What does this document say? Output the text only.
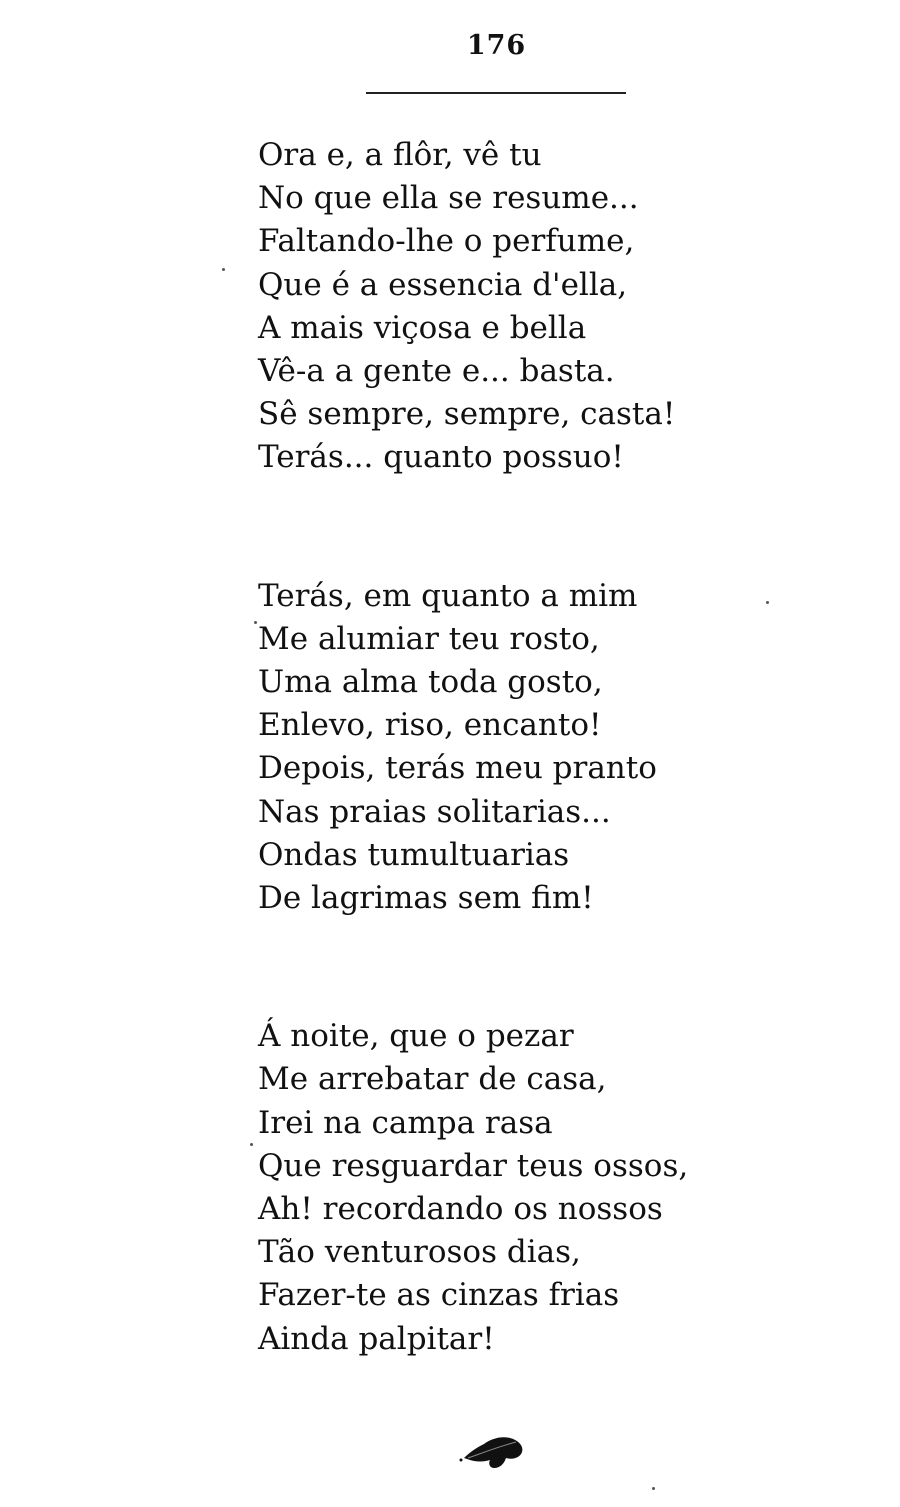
176
Ora e, a flôr, vê tu
No que ella se resume...
Faltando-lhe o perfume,
Que é a essencia d'ella,
A mais viçosa e bella
Vê-a a gente e... basta.
Sê sempre, sempre, casta!
Terás... quanto possuo!
Terás, em quanto a mim
Me alumiar teu rosto,
Uma alma toda gosto,
Enlevo, riso, encanto!
Depois, terás meu pranto
Nas praias solitarias...
Ondas tumultuarias
De lagrimas sem fim!
Á noite, que o pezar
Me arrebatar de casa,
Irei na campa rasa
Que resguardar teus ossos,
Ah! recordando os nossos
Tão venturosos dias,
Fazer-te as cinzas frias
Ainda palpitar!
